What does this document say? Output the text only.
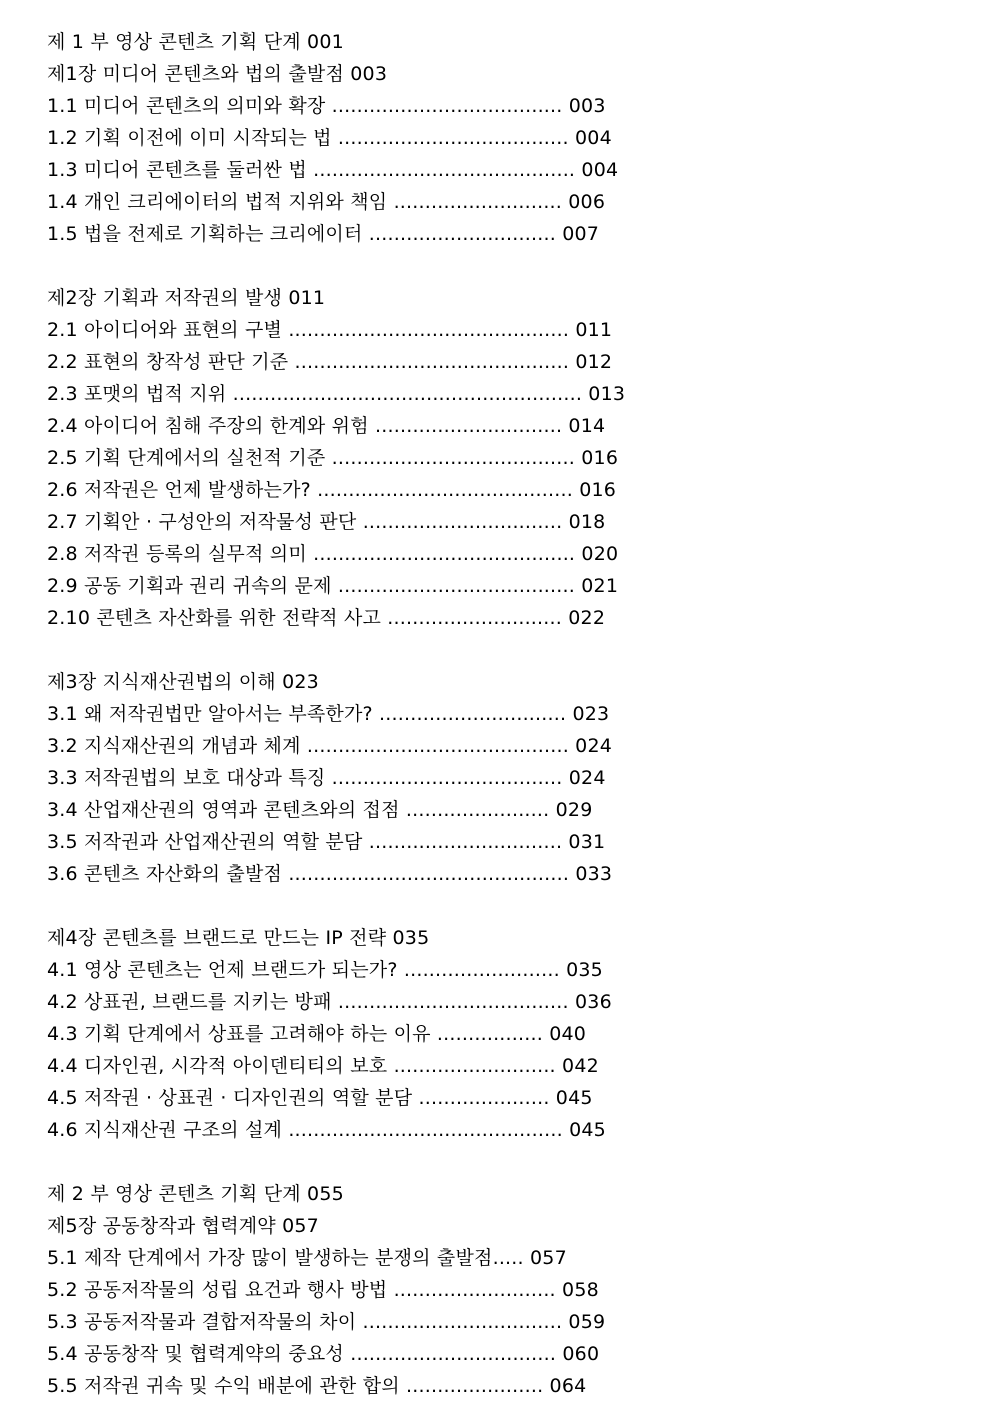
제 1 부 영상 콘텐츠 기획 단계 001
제1장 미디어 콘텐츠와 법의 출발점 003
1.1 미디어 콘텐츠의 의미와 확장 ..................................... 003
1.2 기획 이전에 이미 시작되는 법 ..................................... 004
1.3 미디어 콘텐츠를 둘러싼 법 .......................................... 004
1.4 개인 크리에이터의 법적 지위와 책임 ........................... 006
1.5 법을 전제로 기획하는 크리에이터 .............................. 007
제2장 기획과 저작권의 발생 011
2.1 아이디어와 표현의 구별 ............................................. 011
2.2 표현의 창작성 판단 기준 ............................................ 012
2.3 포맷의 법적 지위 ........................................................ 013
2.4 아이디어 침해 주장의 한계와 위험 .............................. 014
2.5 기획 단계에서의 실천적 기준 ....................................... 016
2.6 저작권은 언제 발생하는가? ......................................... 016
2.7 기획안 · 구성안의 저작물성 판단 ................................ 018
2.8 저작권 등록의 실무적 의미 .......................................... 020
2.9 공동 기획과 권리 귀속의 문제 ...................................... 021
2.10 콘텐츠 자산화를 위한 전략적 사고 ............................ 022
제3장 지식재산권법의 이해 023
3.1 왜 저작권법만 알아서는 부족한가? .............................. 023
3.2 지식재산권의 개념과 체계 .......................................... 024
3.3 저작권법의 보호 대상과 특징 ..................................... 024
3.4 산업재산권의 영역과 콘텐츠와의 접점 ....................... 029
3.5 저작권과 산업재산권의 역할 분담 ............................... 031
3.6 콘텐츠 자산화의 출발점 ............................................. 033
제4장 콘텐츠를 브랜드로 만드는 IP 전략 035
4.1 영상 콘텐츠는 언제 브랜드가 되는가? ......................... 035
4.2 상표권, 브랜드를 지키는 방패 ..................................... 036
4.3 기획 단계에서 상표를 고려해야 하는 이유 ................. 040
4.4 디자인권, 시각적 아이덴티티의 보호 .......................... 042
4.5 저작권 · 상표권 · 디자인권의 역할 분담 ..................... 045
4.6 지식재산권 구조의 설계 ............................................ 045
제 2 부 영상 콘텐츠 기획 단계 055
제5장 공동창작과 협력계약 057
5.1 제작 단계에서 가장 많이 발생하는 분쟁의 출발점..... 057
5.2 공동저작물의 성립 요건과 행사 방법 .......................... 058
5.3 공동저작물과 결합저작물의 차이 ................................ 059
5.4 공동창작 및 협력계약의 중요성 ................................. 060
5.5 저작권 귀속 및 수익 배분에 관한 합의 ...................... 064
